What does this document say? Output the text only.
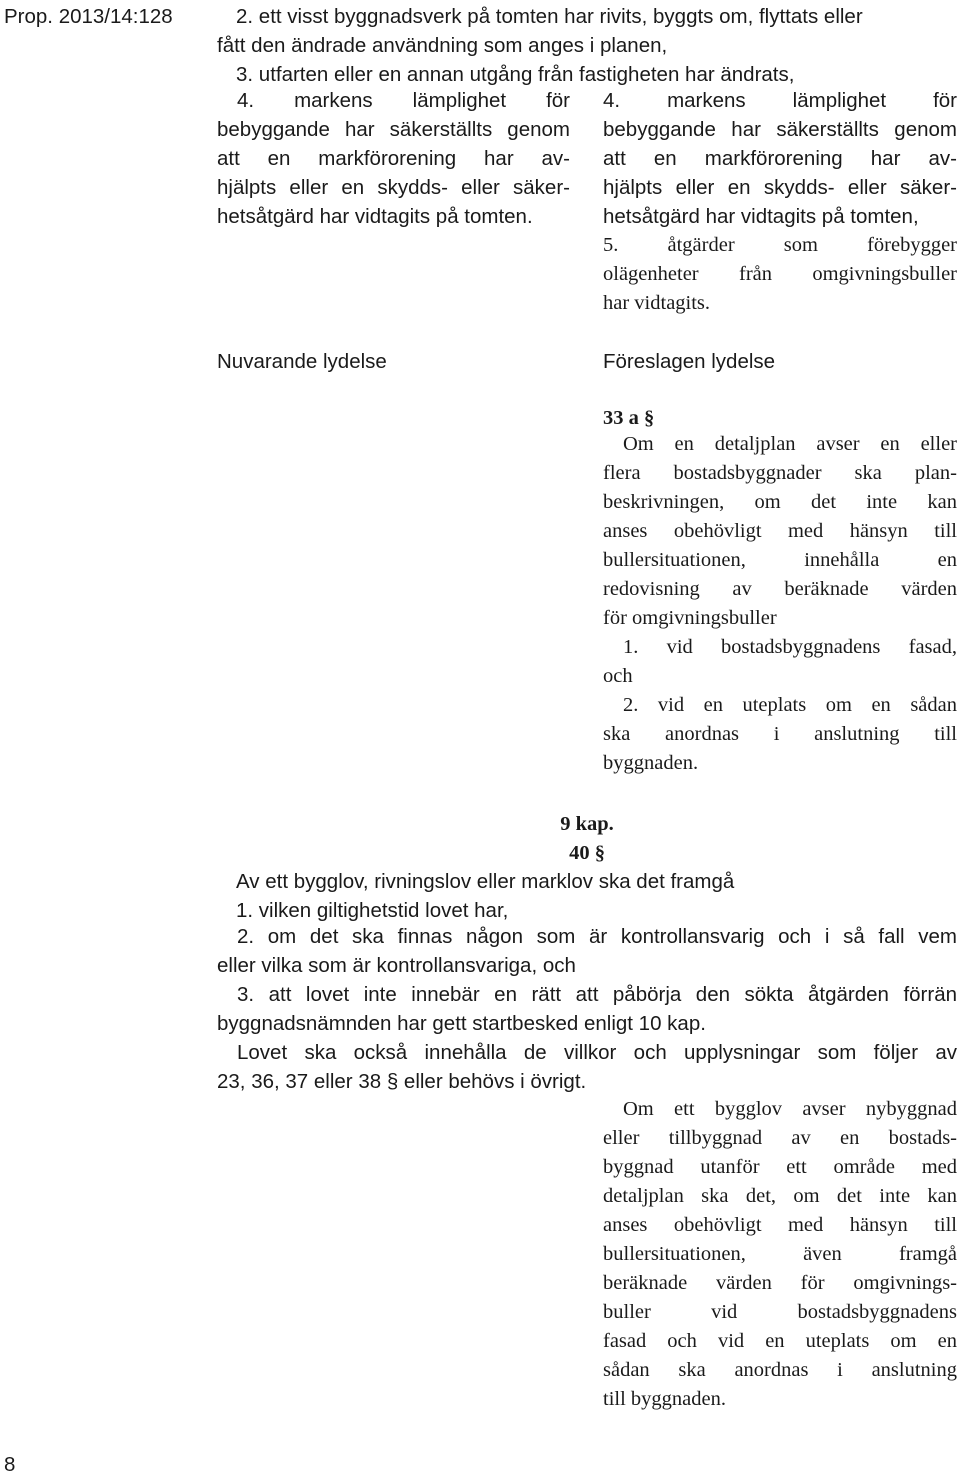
Prop. 2013/14:128
8
2. ett visst byggnadsverk på tomten har rivits, byggts om, flyttats eller
fått den ändrade användning som anges i planen,
3. utfarten eller en annan utgång från fastigheten har ändrats,
4. markens lämplighet för
bebyggande har säkerställts genom
att en markförorening har av-
hjälpts eller en skydds- eller säker-
hetsåtgärd har vidtagits på tomten.
4. markens lämplighet för
bebyggande har säkerställts genom
att en markförorening har av-
hjälpts eller en skydds- eller säker-
hetsåtgärd har vidtagits på tomten,
5. åtgärder som förebygger
olägenheter från omgivningsbuller
har vidtagits.
Nuvarande lydelse	Föreslagen lydelse
33 a §
Om en detaljplan avser en eller
flera bostadsbyggnader ska plan-
beskrivningen, om det inte kan
anses obehövligt med hänsyn till
bullersituationen, innehålla en
redovisning av beräknade värden
för omgivningsbuller
1. vid bostadsbyggnadens fasad,
och
2. vid en uteplats om en sådan
ska anordnas i anslutning till
byggnaden.
9 kap.
40 §
Av ett bygglov, rivningslov eller marklov ska det framgå
1. vilken giltighetstid lovet har,
2. om det ska finnas någon som är kontrollansvarig och i så fall vem
eller vilka som är kontrollansvariga, och
3. att lovet inte innebär en rätt att påbörja den sökta åtgärden förrän
byggnadsnämnden har gett startbesked enligt 10 kap.
Lovet ska också innehålla de villkor och upplysningar som följer av
23, 36, 37 eller 38 § eller behövs i övrigt.
Om ett bygglov avser nybyggnad
eller tillbyggnad av en bostads-
byggnad utanför ett område med
detaljplan ska det, om det inte kan
anses obehövligt med hänsyn till
bullersituationen, även framgå
beräknade värden för omgivnings-
buller vid bostadsbyggnadens
fasad och vid en uteplats om en
sådan ska anordnas i anslutning
till byggnaden.
